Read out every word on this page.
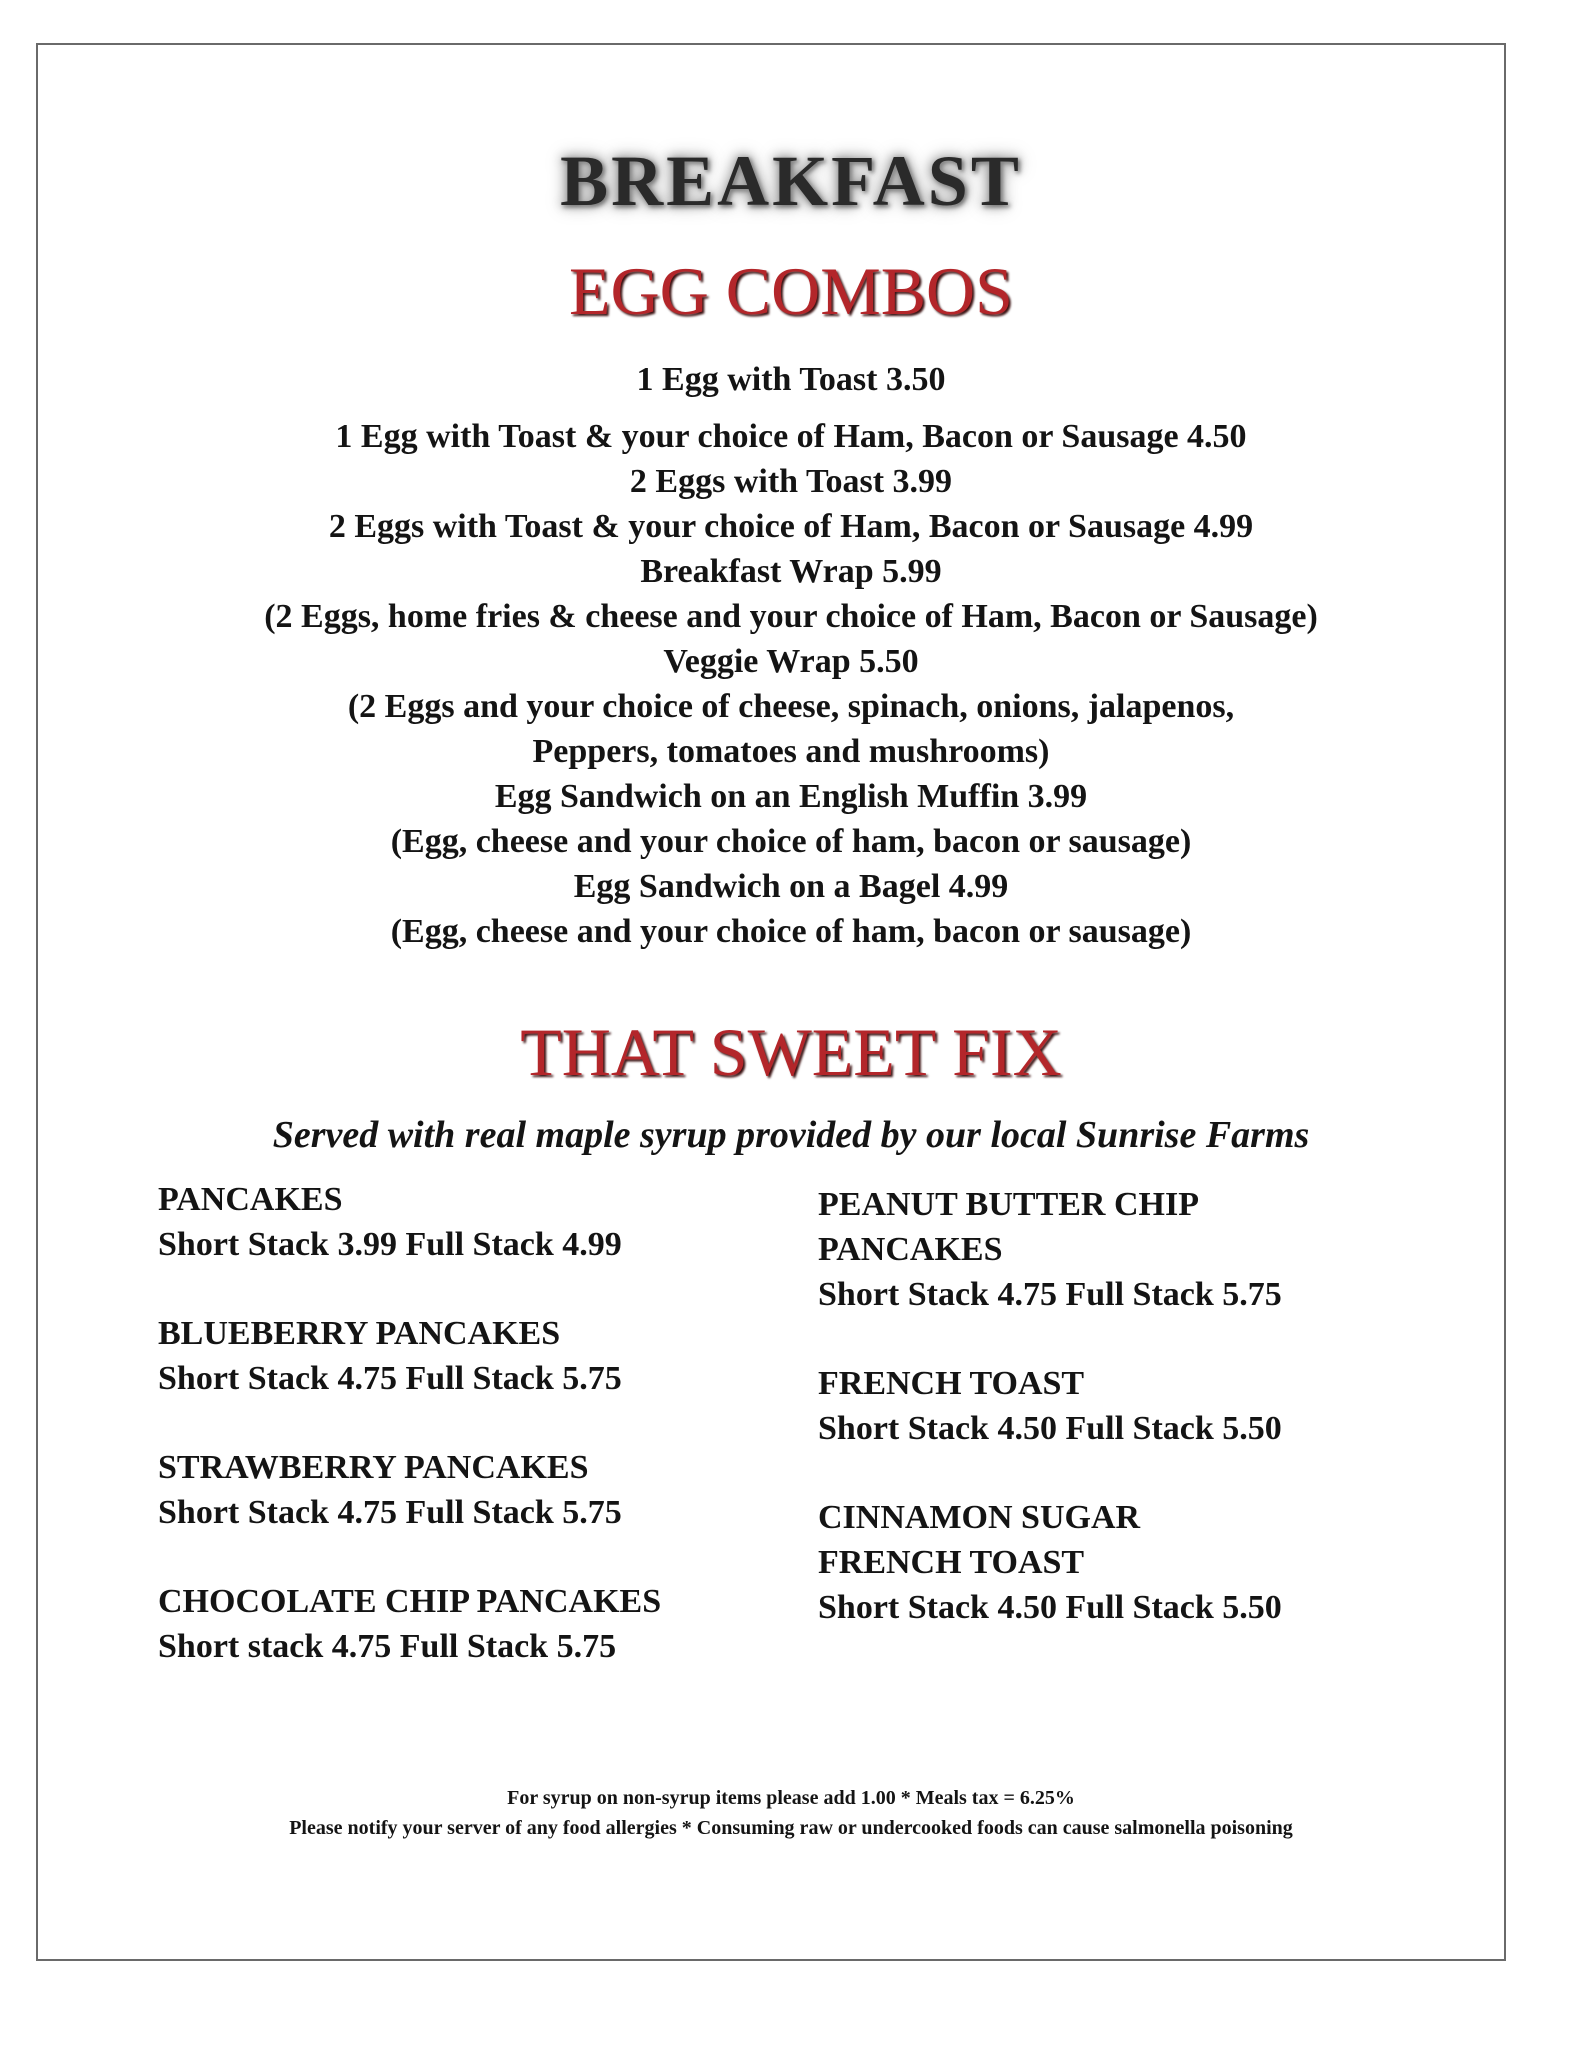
BREAKFAST
EGG COMBOS
1 Egg with Toast 3.50
1 Egg with Toast & your choice of Ham, Bacon or Sausage 4.50
2 Eggs with Toast 3.99
2 Eggs with Toast & your choice of Ham, Bacon or Sausage 4.99
Breakfast Wrap 5.99
(2 Eggs, home fries & cheese and your choice of Ham, Bacon or Sausage)
Veggie Wrap 5.50
(2 Eggs and your choice of cheese, spinach, onions, jalapenos,
Peppers, tomatoes and mushrooms)
Egg Sandwich on an English Muffin 3.99
(Egg, cheese and your choice of ham, bacon or sausage)
Egg Sandwich on a Bagel 4.99
(Egg, cheese and your choice of ham, bacon or sausage)
THAT SWEET FIX
Served with real maple syrup provided by our local Sunrise Farms
PANCAKES
Short Stack 3.99 Full Stack 4.99
BLUEBERRY PANCAKES
Short Stack 4.75 Full Stack 5.75
STRAWBERRY PANCAKES
Short Stack 4.75 Full Stack 5.75
CHOCOLATE CHIP PANCAKES
Short stack 4.75 Full Stack 5.75
PEANUT BUTTER CHIP PANCAKES
Short Stack 4.75 Full Stack 5.75
FRENCH TOAST
Short Stack 4.50 Full Stack 5.50
CINNAMON SUGAR FRENCH TOAST
Short Stack 4.50 Full Stack 5.50
For syrup on non-syrup items please add 1.00 * Meals tax = 6.25%
Please notify your server of any food allergies * Consuming raw or undercooked foods can cause salmonella poisoning
